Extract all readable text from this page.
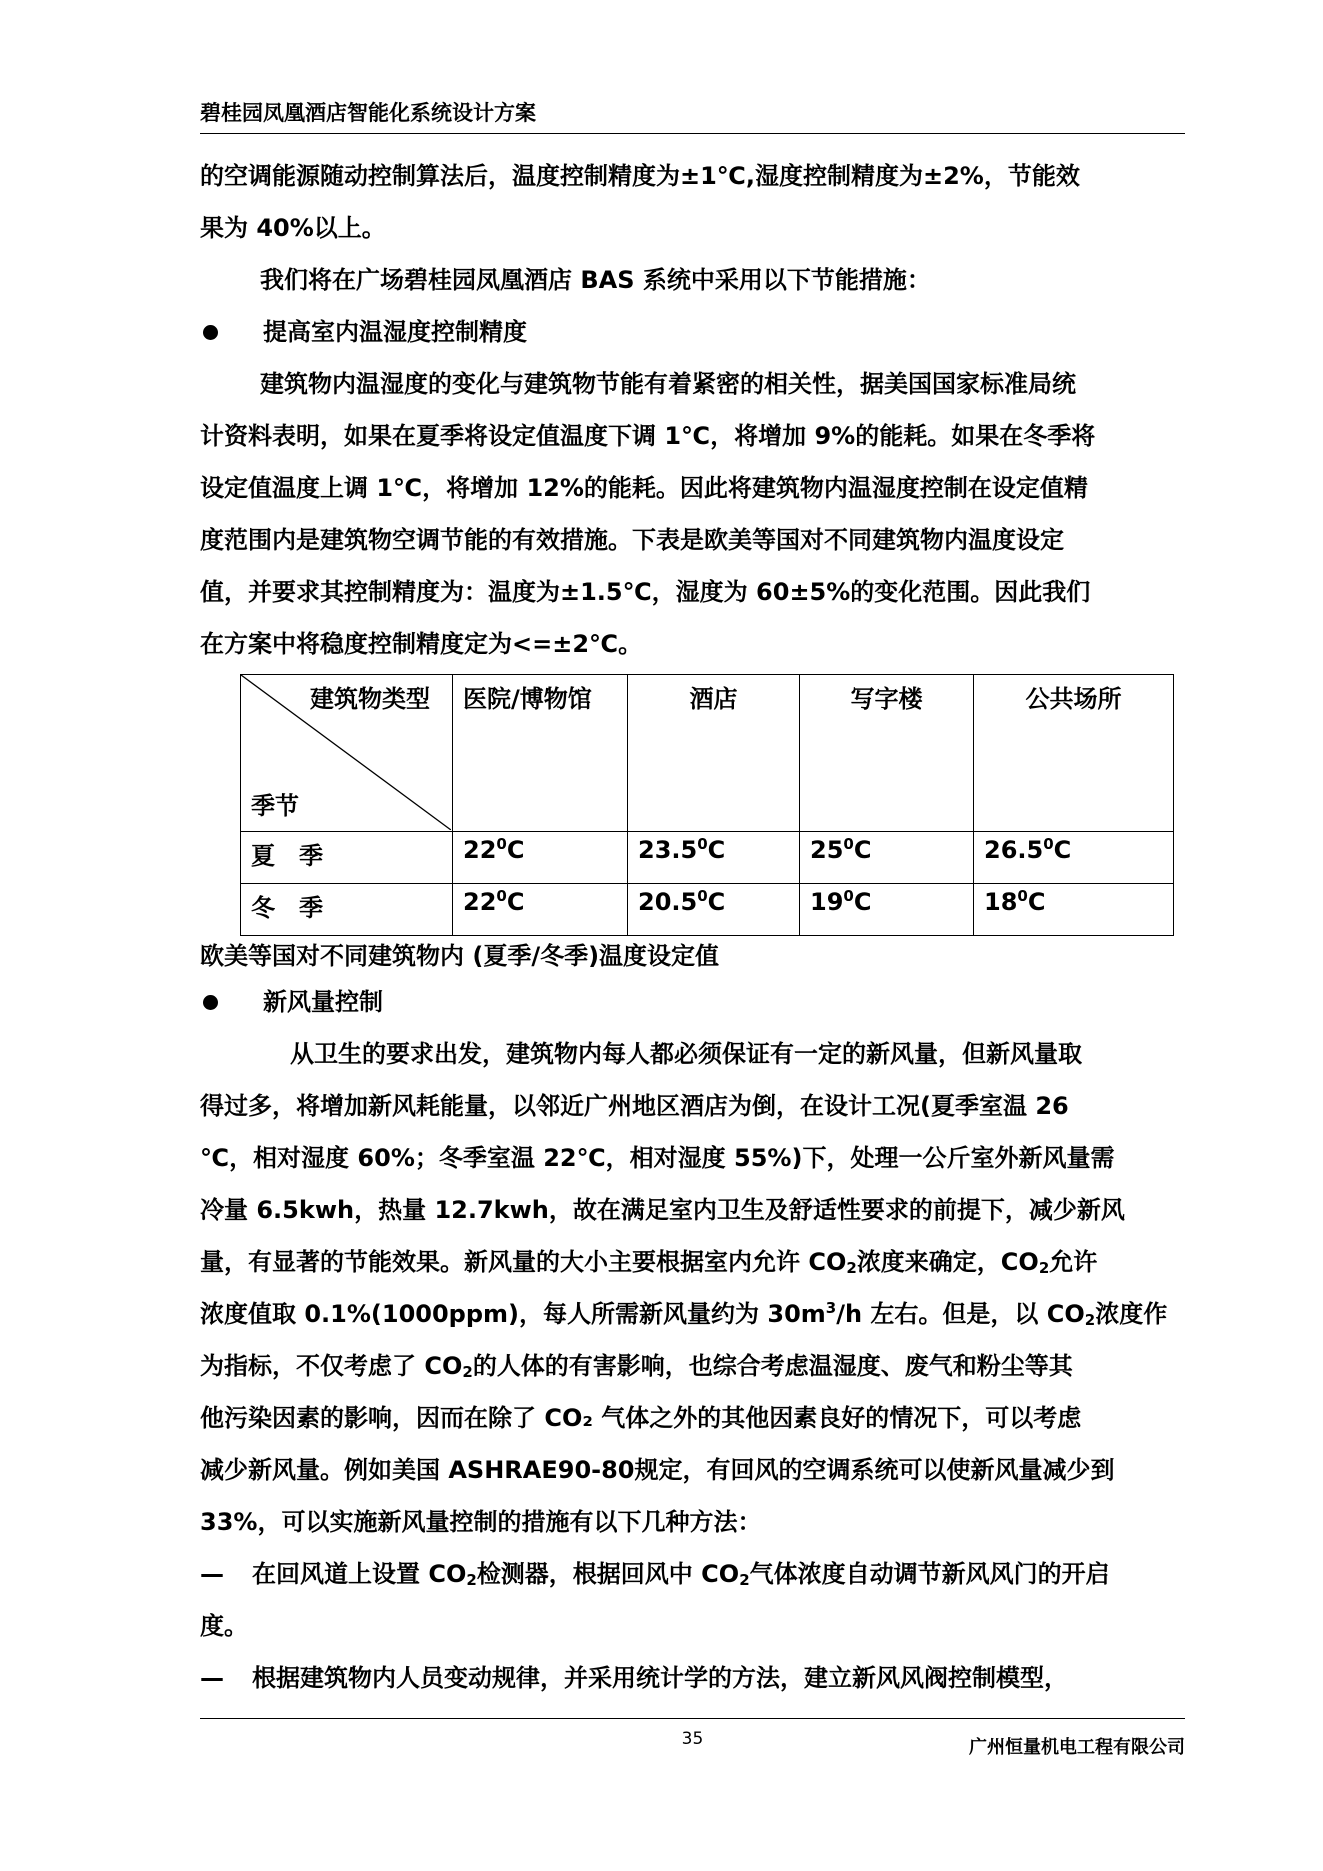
碧桂园凤凰酒店智能化系统设计方案
的空调能源随动控制算法后，温度控制精度为±1℃,湿度控制精度为±2%，节能效
果为 40%以上。
我们将在广场碧桂园凤凰酒店 BAS 系统中采用以下节能措施：
提高室内温湿度控制精度
建筑物内温湿度的变化与建筑物节能有着紧密的相关性，据美国国家标准局统
计资料表明，如果在夏季将设定值温度下调 1℃，将增加 9%的能耗。如果在冬季将
设定值温度上调 1℃，将增加 12%的能耗。因此将建筑物内温湿度控制在设定值精
度范围内是建筑物空调节能的有效措施。下表是欧美等国对不同建筑物内温度设定
值，并要求其控制精度为：温度为±1.5℃，湿度为 60±5%的变化范围。因此我们
在方案中将稳度控制精度定为<=±2℃。
建筑物类型
季节	医院/博物馆	酒店	写字楼	公共场所
夏　季	$22^0C$	23.5$^0$C	$25^0C$	26.5$^0$C
冬　季	$22^0C$	20.5$^0$C	$19^0C$	$18^0C$
欧美等国对不同建筑物内 (夏季/冬季)温度设定值
新风量控制
从卫生的要求出发，建筑物内每人都必须保证有一定的新风量，但新风量取
得过多，将增加新风耗能量，以邻近广州地区酒店为倒，在设计工况(夏季室温 26
℃，相对湿度 60%；冬季室温 22℃，相对湿度 55%)下，处理一公斤室外新风量需
冷量 6.5kwh，热量 12.7kwh，故在满足室内卫生及舒适性要求的前提下，减少新风
量，有显著的节能效果。新风量的大小主要根据室内允许 $CO_2$浓度来确定，$CO_2$允许
浓度值取 0.1%(1000ppm)，每人所需新风量约为 $30m^3/h$ 左右。但是，以 $CO_2$浓度作
为指标，不仅考虑了 $CO_2$的人体的有害影响，也综合考虑温湿度、废气和粉尘等其
他污染因素的影响，因而在除了 CO₂ 气体之外的其他因素良好的情况下，可以考虑
减少新风量。例如美国 ASHRAE90-80规定，有回风的空调系统可以使新风量减少到
33%，可以实施新风量控制的措施有以下几种方法：
— 在回风道上设置 $CO_2$检测器，根据回风中 $CO_2$气体浓度自动调节新风风门的开启
度。
— 根据建筑物内人员变动规律，并采用统计学的方法，建立新风风阀控制模型，
35	广州恒量机电工程有限公司
